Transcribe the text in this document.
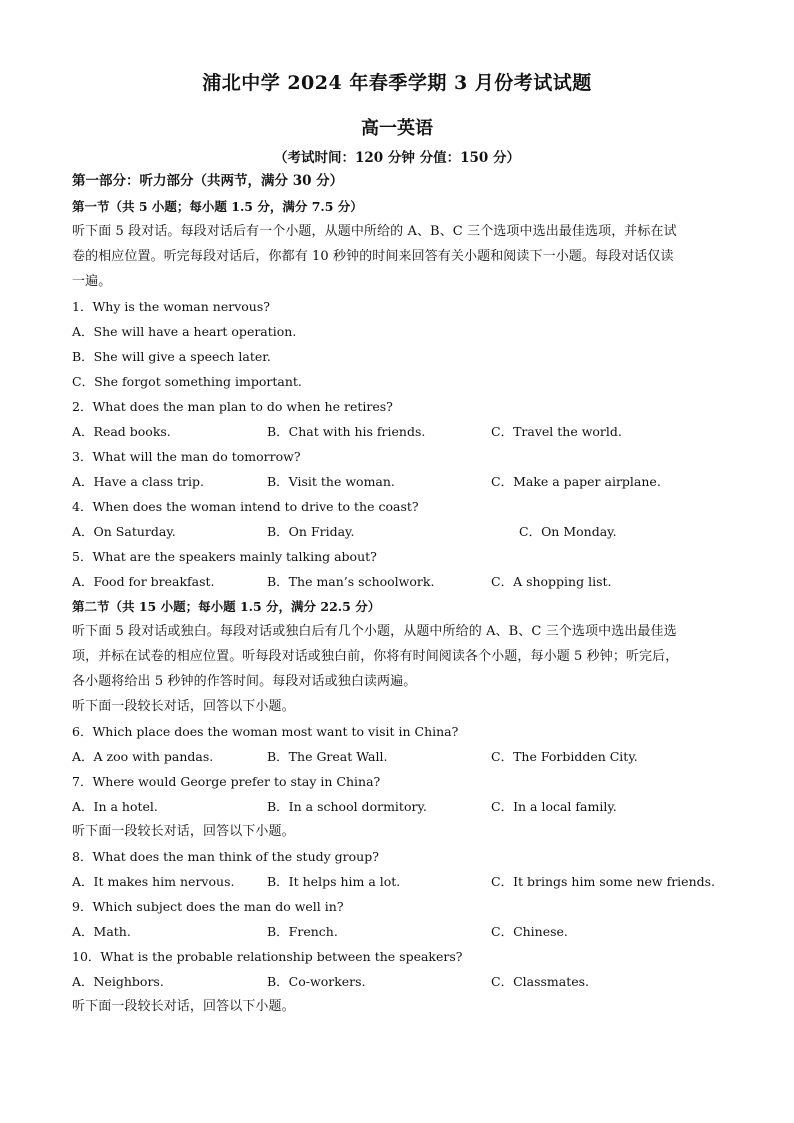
浦北中学 2024 年春季学期 3 月份考试试题
高一英语
（考试时间：120 分钟 分值：150 分）
第一部分：听力部分（共两节，满分 30 分）
第一节（共 5 小题；每小题 1.5 分，满分 7.5 分）
听下面 5 段对话。每段对话后有一个小题，从题中所给的 A、B、C 三个选项中选出最佳选项，并标在试
卷的相应位置。听完每段对话后，你都有 10 秒钟的时间来回答有关小题和阅读下一小题。每段对话仅读
一遍。
1．Why is the woman nervous?
A．She will have a heart operation.
B．She will give a speech later.
C．She forgot something important.
2．What does the man plan to do when he retires?
A．Read books.	B．Chat with his friends.	C．Travel the world.
3．What will the man do tomorrow?
A．Have a class trip.	B．Visit the woman.	C．Make a paper airplane.
4．When does the woman intend to drive to the coast?
A．On Saturday.	B．On Friday.	C．On Monday.
5．What are the speakers mainly talking about?
A．Food for breakfast.	B．The man’s schoolwork.	C．A shopping list.
第二节（共 15 小题；每小题 1.5 分，满分 22.5 分）
听下面 5 段对话或独白。每段对话或独白后有几个小题，从题中所给的 A、B、C 三个选项中选出最佳选
项，并标在试卷的相应位置。听每段对话或独白前，你将有时间阅读各个小题，每小题 5 秒钟；听完后，
各小题将给出 5 秒钟的作答时间。每段对话或独白读两遍。
听下面一段较长对话，回答以下小题。
6．Which place does the woman most want to visit in China?
A．A zoo with pandas.	B．The Great Wall.	C．The Forbidden City.
7．Where would George prefer to stay in China?
A．In a hotel.	B．In a school dormitory.	C．In a local family.
听下面一段较长对话，回答以下小题。
8．What does the man think of the study group?
A．It makes him nervous.	B．It helps him a lot.	C．It brings him some new friends.
9．Which subject does the man do well in?
A．Math.	B．French.	C．Chinese.
10．What is the probable relationship between the speakers?
A．Neighbors.	B．Co-workers.	C．Classmates.
听下面一段较长对话，回答以下小题。
